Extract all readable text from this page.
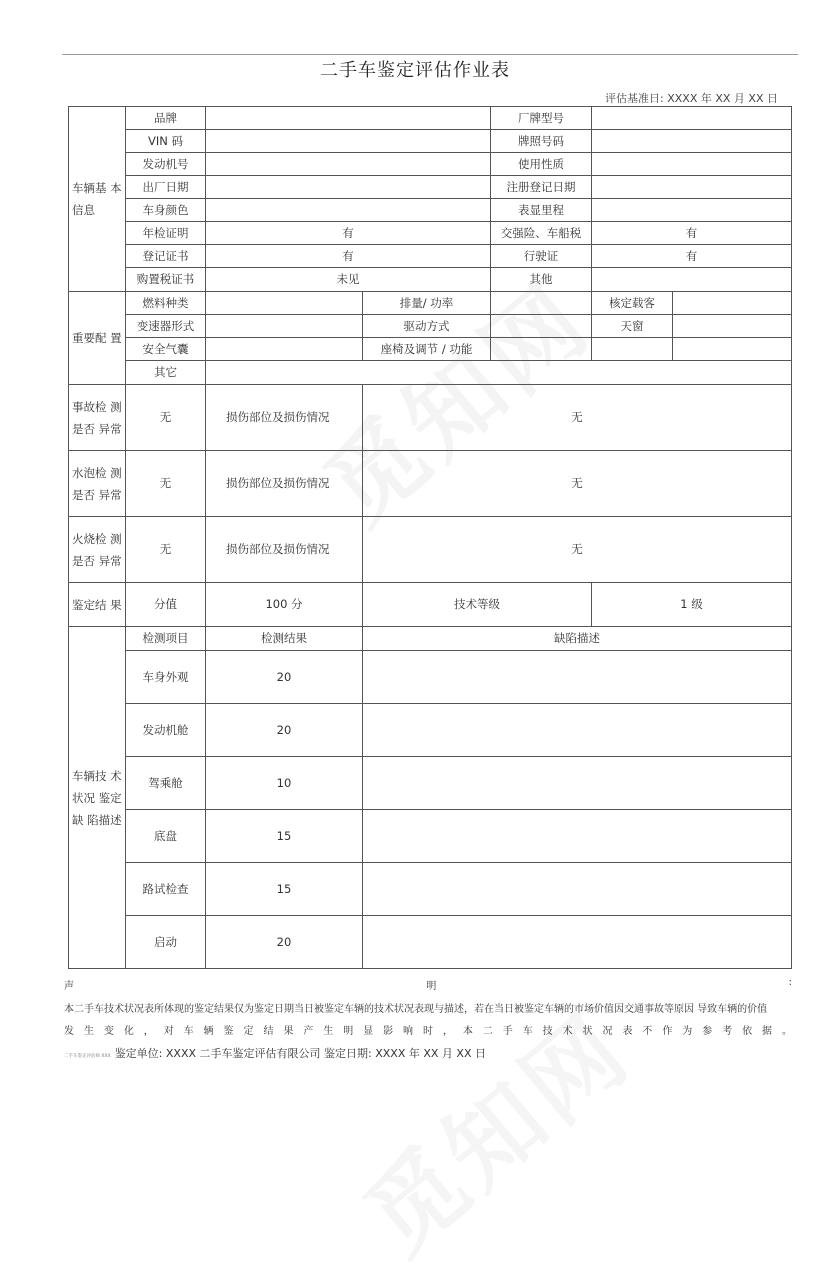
二手车鉴定评估作业表
评估基准日: XXXX 年 XX 月 XX 日
车辆基 本信息	品牌			厂牌型号		
	VIN 码			牌照号码		
	发动机号			使用性质		
	出厂日期			注册登记日期		
	车身颜色			表显里程		
	年检证明	有		交强险、车船税	有	
	登记证书	有		行驶证	有	
	购置税证书	未见		其他		
重要配 置	燃料种类		排量/ 功率		核定载客	
	变速器形式		驱动方式		天窗	
	安全气囊		座椅及调节 / 功能			
	其它					
事故检 测是否 异常	无	损伤部位及损伤情况	无			
水泡检 测是否 异常	无	损伤部位及损伤情况	无			
火烧检 测是否 异常	无	损伤部位及损伤情况	无			
鉴定结 果	分值	100 分	技术等级		1 级	
车辆技 术状况 鉴定缺 陷描述	检测项目	检测结果	缺陷描述			
	车身外观	20				
	发动机舱	20				
	驾乘舱	10				
	底盘	15				
	路试检查	15				
	启动	20				
声	明	:
本二手车技术状况表所体现的鉴定结果仅为鉴定日期当日被鉴定车辆的技术状况表现与描述，若在当日被鉴定车辆的市场价值因交通事故等原因 导致车辆的价值
发 生 变 化 ， 对 车 辆 鉴 定 结 果 产 生 明 显 影 响 时 ， 本 二 手 车 技 术 状 况 表 不 作 为 参 考 依 据 。
二手车鉴定评估师 XXX 鉴定单位: XXXX 二手车鉴定评估有限公司 鉴定日期: XXXX 年 XX 月 XX 日
